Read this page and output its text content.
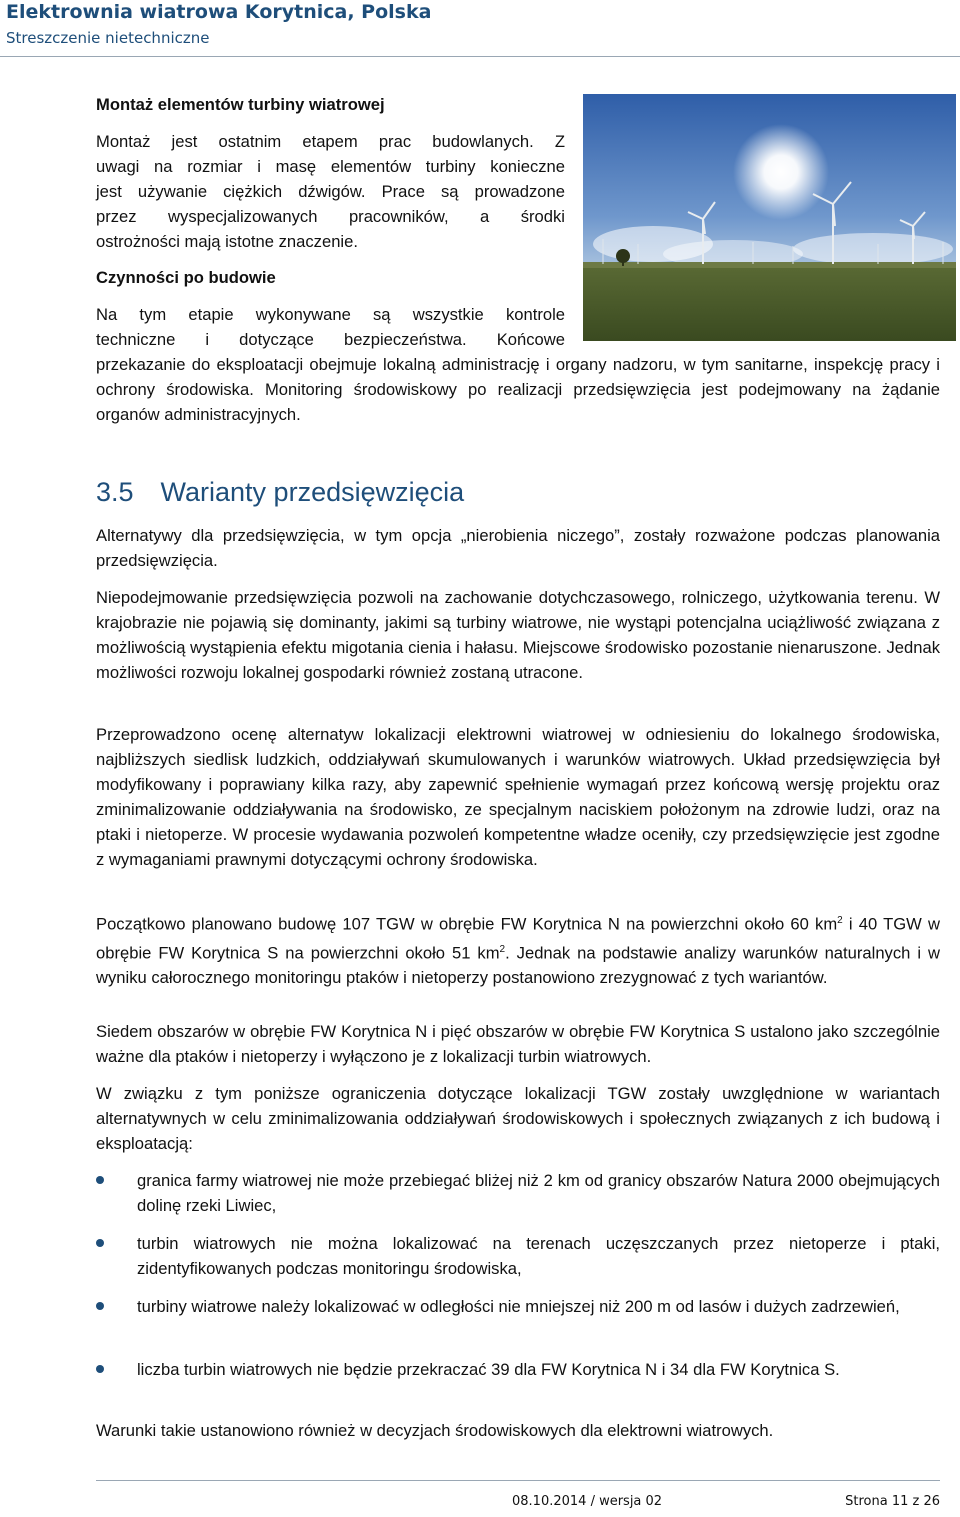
Elektrownia wiatrowa Korytnica, Polska
Streszczenie nietechniczne

Montaż elementów turbiny wiatrowej

Montaż jest ostatnim etapem prac budowlanych. Z

uwagi na rozmiar i masę elementów turbiny konieczne

jest używanie ciężkich dźwigów. Prace są prowadzone

przez wyspecjalizowanych pracowników, a środki

ostrożności mają istotne znaczenie.

Czynności po budowie

Na tym etapie wykonywane są wszystkie kontrole

techniczne i dotyczące bezpieczeństwa. Końcowe

przekazanie do eksploatacji obejmuje lokalną administrację i organy nadzoru, w tym sanitarne, inspekcję pracy i ochrony środowiska. Monitoring środowiskowy po realizacji przedsięwzięcia jest podejmowany na żądanie organów administracyjnych.

3.5 Warianty przedsięwzięcia

Alternatywy dla przedsięwzięcia, w tym opcja „nierobienia niczego”, zostały rozważone podczas planowania przedsięwzięcia.

Niepodejmowanie przedsięwzięcia pozwoli na zachowanie dotychczasowego, rolniczego, użytkowania terenu. W krajobrazie nie pojawią się dominanty, jakimi są turbiny wiatrowe, nie wystąpi potencjalna uciążliwość związana z możliwością wystąpienia efektu migotania cienia i hałasu. Miejscowe środowisko pozostanie nienaruszone. Jednak możliwości rozwoju lokalnej gospodarki również zostaną utracone.

Przeprowadzono ocenę alternatyw lokalizacji elektrowni wiatrowej w odniesieniu do lokalnego środowiska, najbliższych siedlisk ludzkich, oddziaływań skumulowanych i warunków wiatrowych. Układ przedsięwzięcia był modyfikowany i poprawiany kilka razy, aby zapewnić spełnienie wymagań przez końcową wersję projektu oraz zminimalizowanie oddziaływania na środowisko, ze specjalnym naciskiem położonym na zdrowie ludzi, oraz na ptaki i nietoperze. W procesie wydawania pozwoleń kompetentne władze oceniły, czy przedsięwzięcie jest zgodne z wymaganiami prawnymi dotyczącymi ochrony środowiska.

Początkowo planowano budowę 107 TGW w obrębie FW Korytnica N na powierzchni około 60 $km^2$ i 40 TGW w obrębie FW Korytnica S na powierzchni około 51 $km^2$. Jednak na podstawie analizy warunków naturalnych i w wyniku całorocznego monitoringu ptaków i nietoperzy postanowiono zrezygnować z tych wariantów.

Siedem obszarów w obrębie FW Korytnica N i pięć obszarów w obrębie FW Korytnica S ustalono jako szczególnie ważne dla ptaków i nietoperzy i wyłączono je z lokalizacji turbin wiatrowych.

W związku z tym poniższe ograniczenia dotyczące lokalizacji TGW zostały uwzględnione w wariantach alternatywnych w celu zminimalizowania oddziaływań środowiskowych i społecznych związanych z ich budową i eksploatacją:

granica farmy wiatrowej nie może przebiegać bliżej niż 2 km od granicy obszarów Natura 2000 obejmujących dolinę rzeki Liwiec,

turbin wiatrowych nie można lokalizować na terenach uczęszczanych przez nietoperze i ptaki, zidentyfikowanych podczas monitoringu środowiska,

turbiny wiatrowe należy lokalizować w odległości nie mniejszej niż 200 m od lasów i dużych zadrzewień,

liczba turbin wiatrowych nie będzie przekraczać 39 dla FW Korytnica N i 34 dla FW Korytnica S.

Warunki takie ustanowiono również w decyzjach środowiskowych dla elektrowni wiatrowych.

08.10.2014 / wersja 02	Strona 11 z 26
